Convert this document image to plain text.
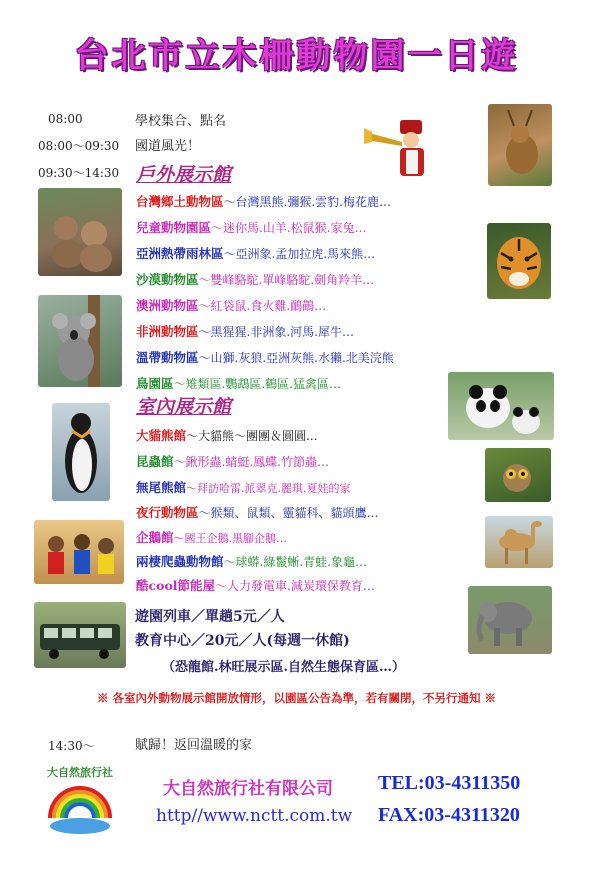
台北市立木柵動物園一日遊
08:00	學校集合、點名
08:00～09:30 國道風光！
09:30～14:30 戶外展示館
台灣鄉土動物區～台灣黑熊.彌猴.雲豹.梅花鹿…
兒童動物園區～迷你馬.山羊.松鼠猴.家兔…
亞洲熱帶雨林區～亞洲象.孟加拉虎.馬來熊…
沙漠動物區～雙峰駱駝.單峰駱駝.劍角羚羊…
澳洲動物區～紅袋鼠.食火雞.鴯鶓…
非洲動物區～黑猩猩.非洲象.河馬.犀牛…
溫帶動物區～山獅.灰狼.亞洲灰熊.水獺.北美浣熊
鳥園區～雉類區.鸚鵡區.鶴區.猛禽區…
室內展示館
大貓熊館～大貓熊～團團＆圓圓...
昆蟲館～鍬形蟲.蜻蜓.鳳蝶.竹節蟲…
無尾熊館～拜訪哈雷.派翠克.麗琪.夏娃的家
夜行動物區～猴類、鼠類、靈貓科、貓頭鷹…
企鵝館～國王企鵝.黑腳企鵝…
兩棲爬蟲動物館～球蟒.綠鬣蜥.青蛙.象龜…
酷cool節能屋～人力發電車.減炭環保教育…
遊園列車／單趟5元／人
教育中心／20元／人(每週一休館)
（恐龍館.林旺展示區.自然生態保育區…）
※ 各室內外動物展示館開放情形，以園區公告為準，若有關閉，不另行通知 ※
14:30～	賦歸！返回溫暖的家
大自然旅行社
大自然旅行社有限公司
http//www.nctt.com.tw
TEL:03-4311350
FAX:03-4311320
